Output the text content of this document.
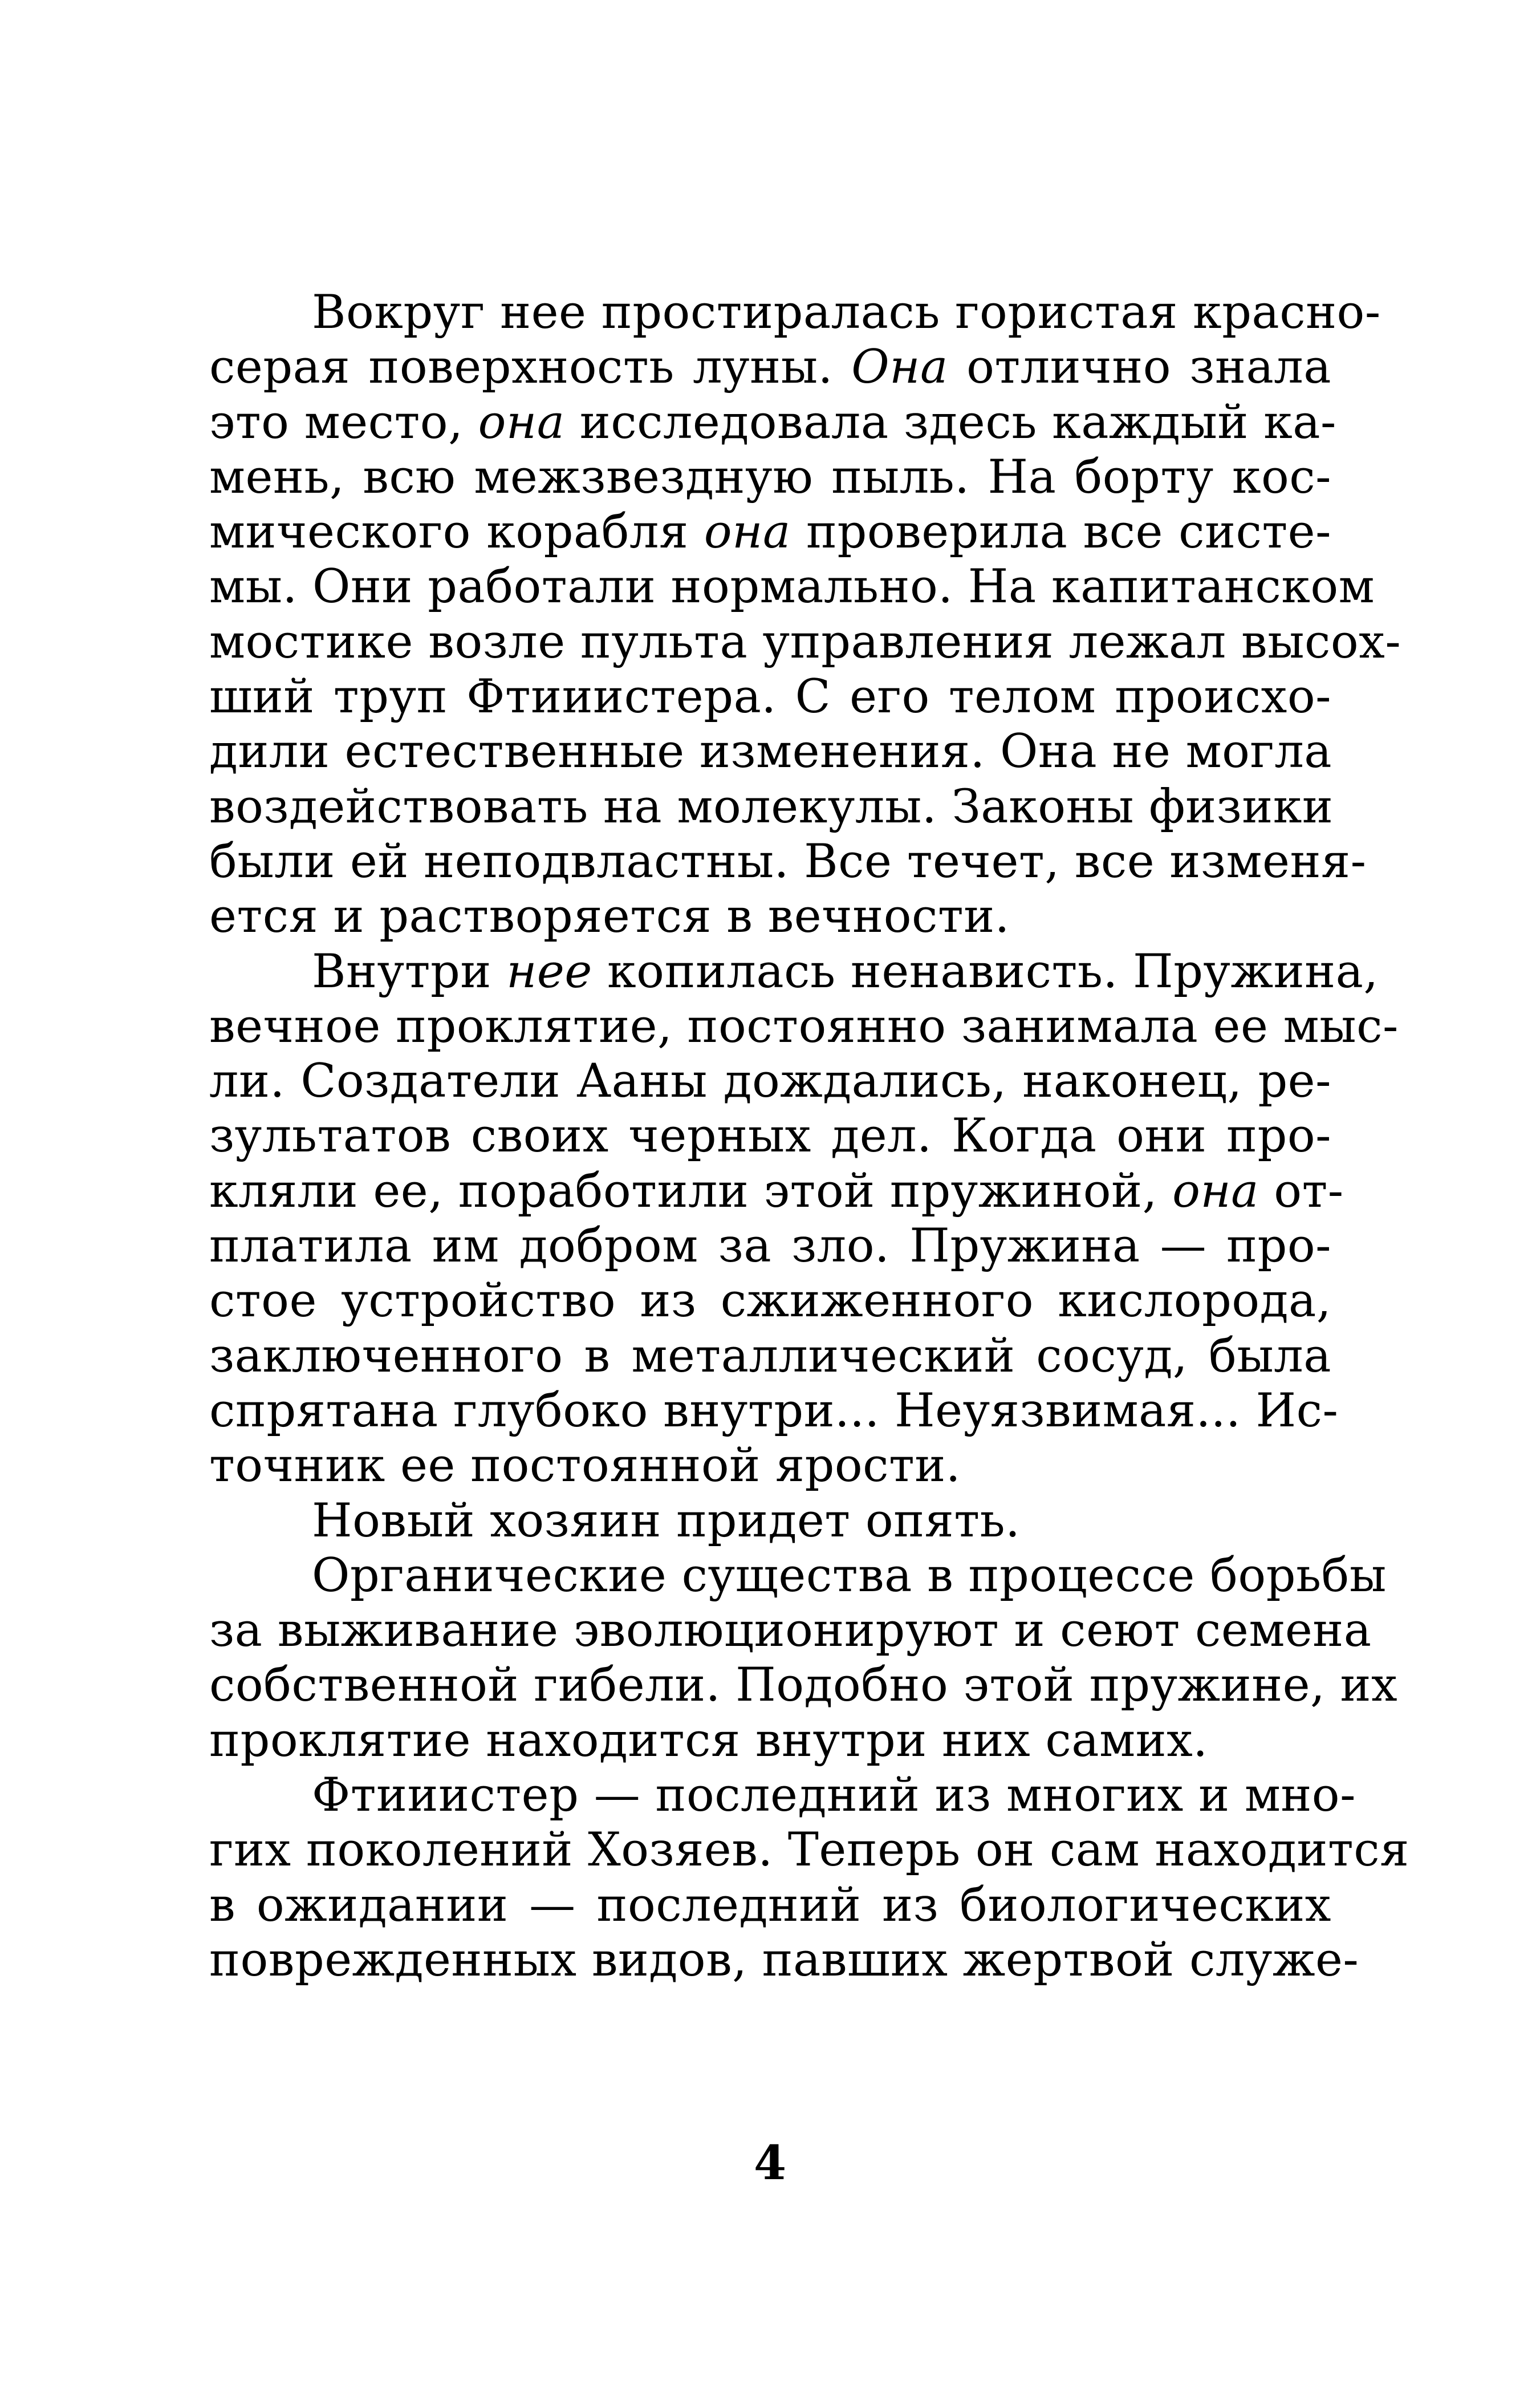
Вокруг нее простиралась гористая красно-
серая поверхность луны. Она отлично знала
это место, она исследовала здесь каждый ка-
мень, всю межзвездную пыль. На борту кос-
мического корабля она проверила все систе-
мы. Они работали нормально. На капитанском
мостике возле пульта управления лежал высох-
ший труп Фтииистера. С его телом происхо-
дили естественные изменения. Она не могла
воздействовать на молекулы. Законы физики
были ей неподвластны. Все течет, все изменя-
ется и растворяется в вечности.
Внутри нее копилась ненависть. Пружина,
вечное проклятие, постоянно занимала ее мыс-
ли. Создатели Ааны дождались, наконец, ре-
зультатов своих черных дел. Когда они про-
кляли ее, поработили этой пружиной, она от-
платила им добром за зло. Пружина — про-
стое устройство из сжиженного кислорода,
заключенного в металлический сосуд, была
спрятана глубоко внутри... Неуязвимая... Ис-
точник ее постоянной ярости.
Новый хозяин придет опять.
Органические существа в процессе борьбы
за выживание эволюционируют и сеют семена
собственной гибели. Подобно этой пружине, их
проклятие находится внутри них самих.
Фтииистер — последний из многих и мно-
гих поколений Хозяев. Теперь он сам находится
в ожидании — последний из биологических
поврежденных видов, павших жертвой служе-
4
